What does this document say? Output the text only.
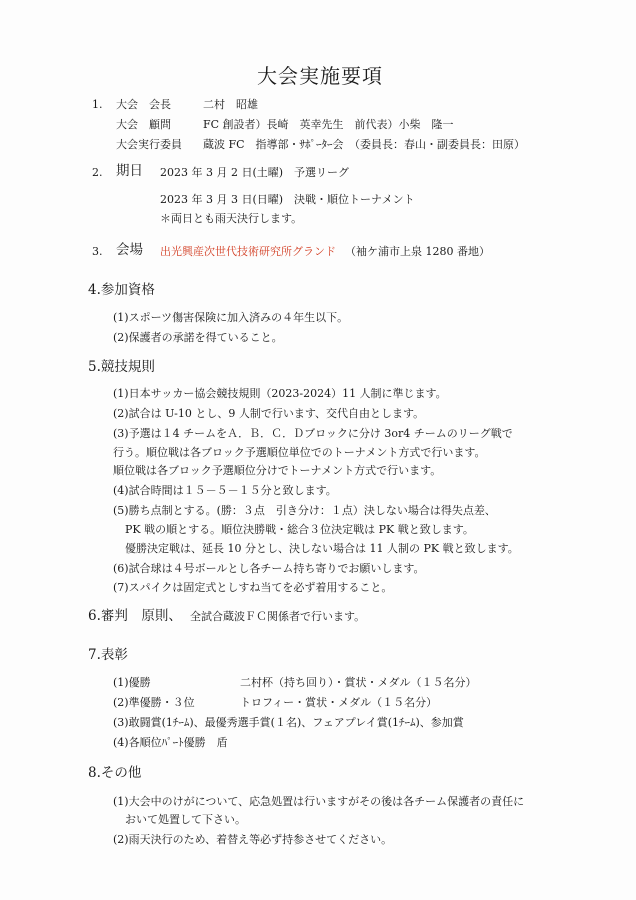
大会実施要項
1. 大会　会長	二村　昭雄
大会　顧問	FC 創設者）長崎　英幸先生　前代表）小柴　隆一
大会実行委員 蔵波 FC　指導部・ｻﾎﾟｰﾀｰ会　（委員長：春山・副委員長：田原）
2. 期日 2023 年 3 月 2 日(土曜)　予選リーグ
2023 年 3 月 3 日(日曜)　決戦・順位トーナメント
＊両日とも雨天決行します。
3. 会場 出光興産次世代技術研究所グランド （袖ケ浦市上泉 1280 番地）
4.参加資格
(1)スポーツ傷害保険に加入済みの４年生以下。
(2)保護者の承諾を得ていること。
5.競技規則
(1)日本サッカー協会競技規則（2023-2024）11 人制に準じます。
(2)試合は U-10 とし、9 人制で行います、交代自由とします。
(3)予選は１4 チームをＡ．Ｂ．Ｃ．Ｄブロックに分け 3or4 チームのリーグ戦で
行う。順位戦は各ブロック予選順位単位でのトーナメント方式で行います。
順位戦は各ブロック予選順位分けでトーナメント方式で行います。
(4)試合時間は１５－５－１５分と致します。
(5)勝ち点制とする。(勝：３点　引き分け：１点）決しない場合は得失点差、
PK 戦の順とする。順位決勝戦・総合３位決定戦は PK 戦と致します。
優勝決定戦は、延長 10 分とし、決しない場合は 11 人制の PK 戦と致します。
(6)試合球は４号ボールとし各チーム持ち寄りでお願いします。
(7)スパイクは固定式としすね当てを必ず着用すること。
6.審判　原則、 全試合蔵波ＦＣ関係者で行います。
7.表彰
(1)優勝	二村杯（持ち回り）・賞状・メダル（１５名分）
(2)準優勝・３位	トロフィー・賞状・メダル（１５名分）
(3)敢闘賞(1ﾁｰﾑ)、最優秀選手賞(１名)、フェアプレイ賞(1ﾁｰﾑ)、参加賞
(4)各順位ﾊﾟｰﾄ優勝　盾
8.その他
(1)大会中のけがについて、応急処置は行いますがその後は各チーム保護者の責任に
おいて処置して下さい。
(2)雨天決行のため、着替え等必ず持参させてください。
